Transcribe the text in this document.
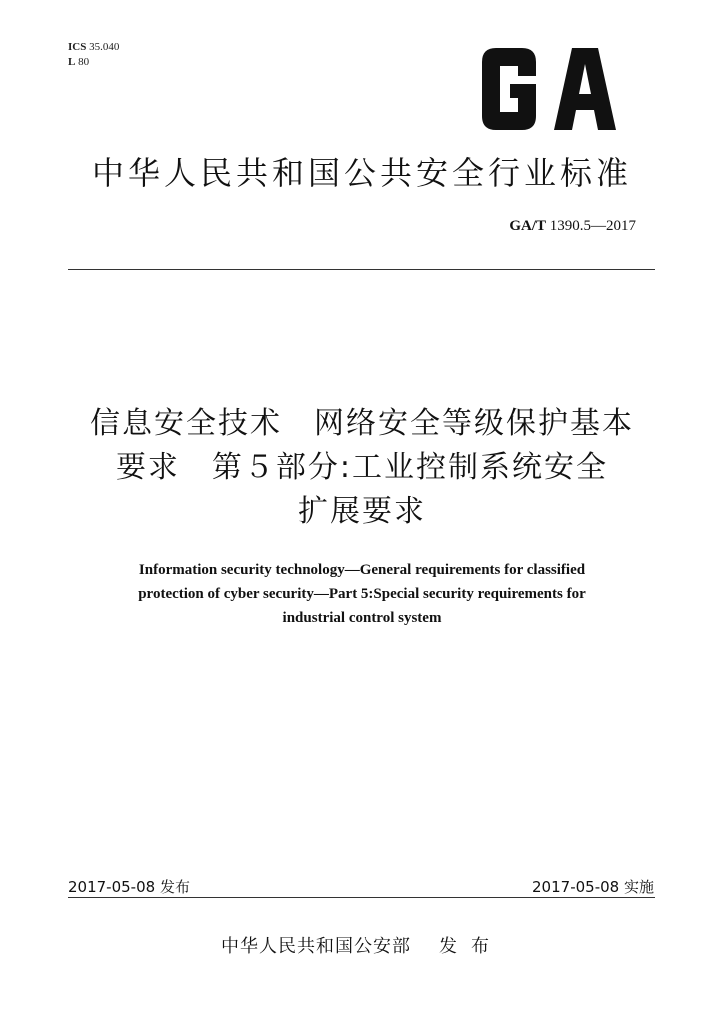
ICS 35.040
L 80
中华人民共和国公共安全行业标准
GA/T 1390.5—2017
信息安全技术　网络安全等级保护基本
要求　第５部分:工业控制系统安全
扩展要求
Information security technology—General requirements for classified
protection of cyber security—Part 5:Special security requirements for
industrial control system
2017-05-08 发布	2017-05-08 实施
中华人民共和国公安部 发布
